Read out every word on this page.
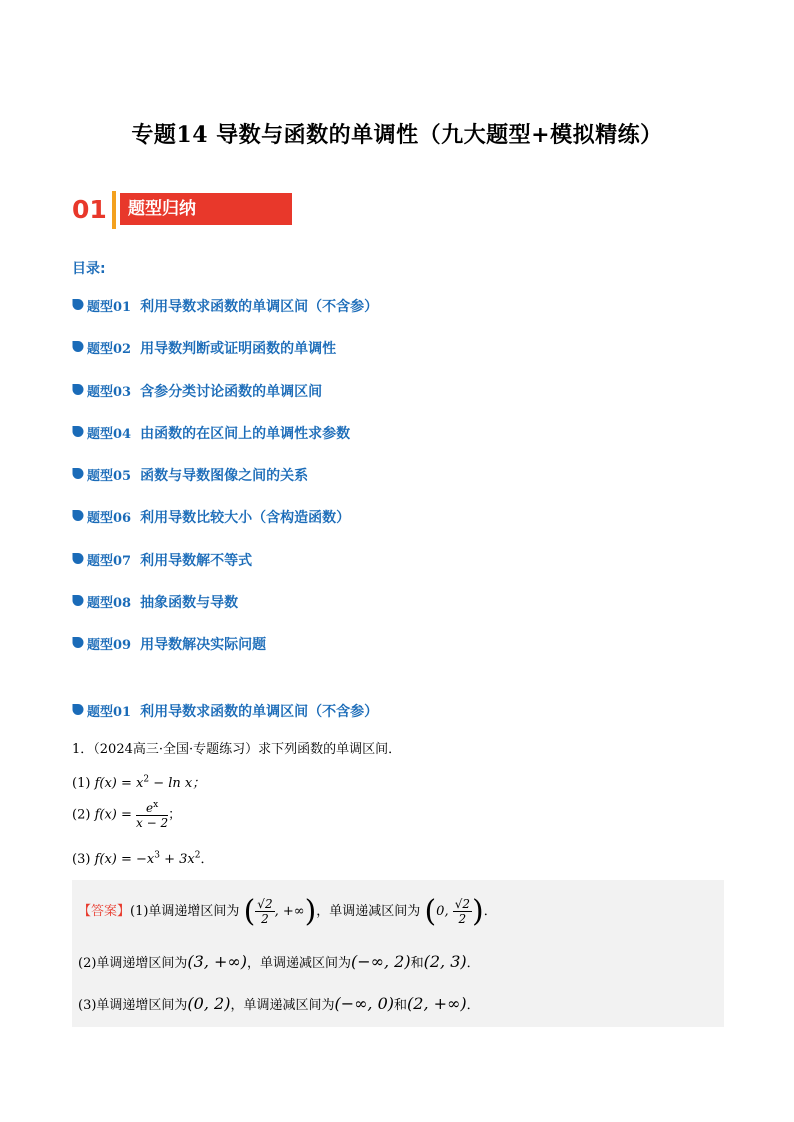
专题14 导数与函数的单调性（九大题型+模拟精练）
01	题型归纳
目录:
题型01 利用导数求函数的单调区间（不含参）
题型02 用导数判断或证明函数的单调性
题型03 含参分类讨论函数的单调区间
题型04 由函数的在区间上的单调性求参数
题型05 函数与导数图像之间的关系
题型06 利用导数比较大小（含构造函数）
题型07 利用导数解不等式
题型08 抽象函数与导数
题型09 用导数解决实际问题
题型01 利用导数求函数的单调区间（不含参）
1．（2024高三·全国·专题练习）求下列函数的单调区间．
(1) $f(x) = x^2 - \ln x$；
(2) $f(x) = \frac{e^x}{x - 2}$ ；
(3) $f(x) = -x^3 + 3x^2$．
【答案】(1)单调递增区间为 ( $\frac{√2}{2}$ , +∞)，单调递减区间为 (0, $\frac{√2}{2}$ )．
(2)单调递增区间为(3, +∞)，单调递减区间为(−∞, 2)和(2, 3)．
(3)单调递增区间为(0, 2)，单调递减区间为(−∞, 0)和(2, +∞)．
